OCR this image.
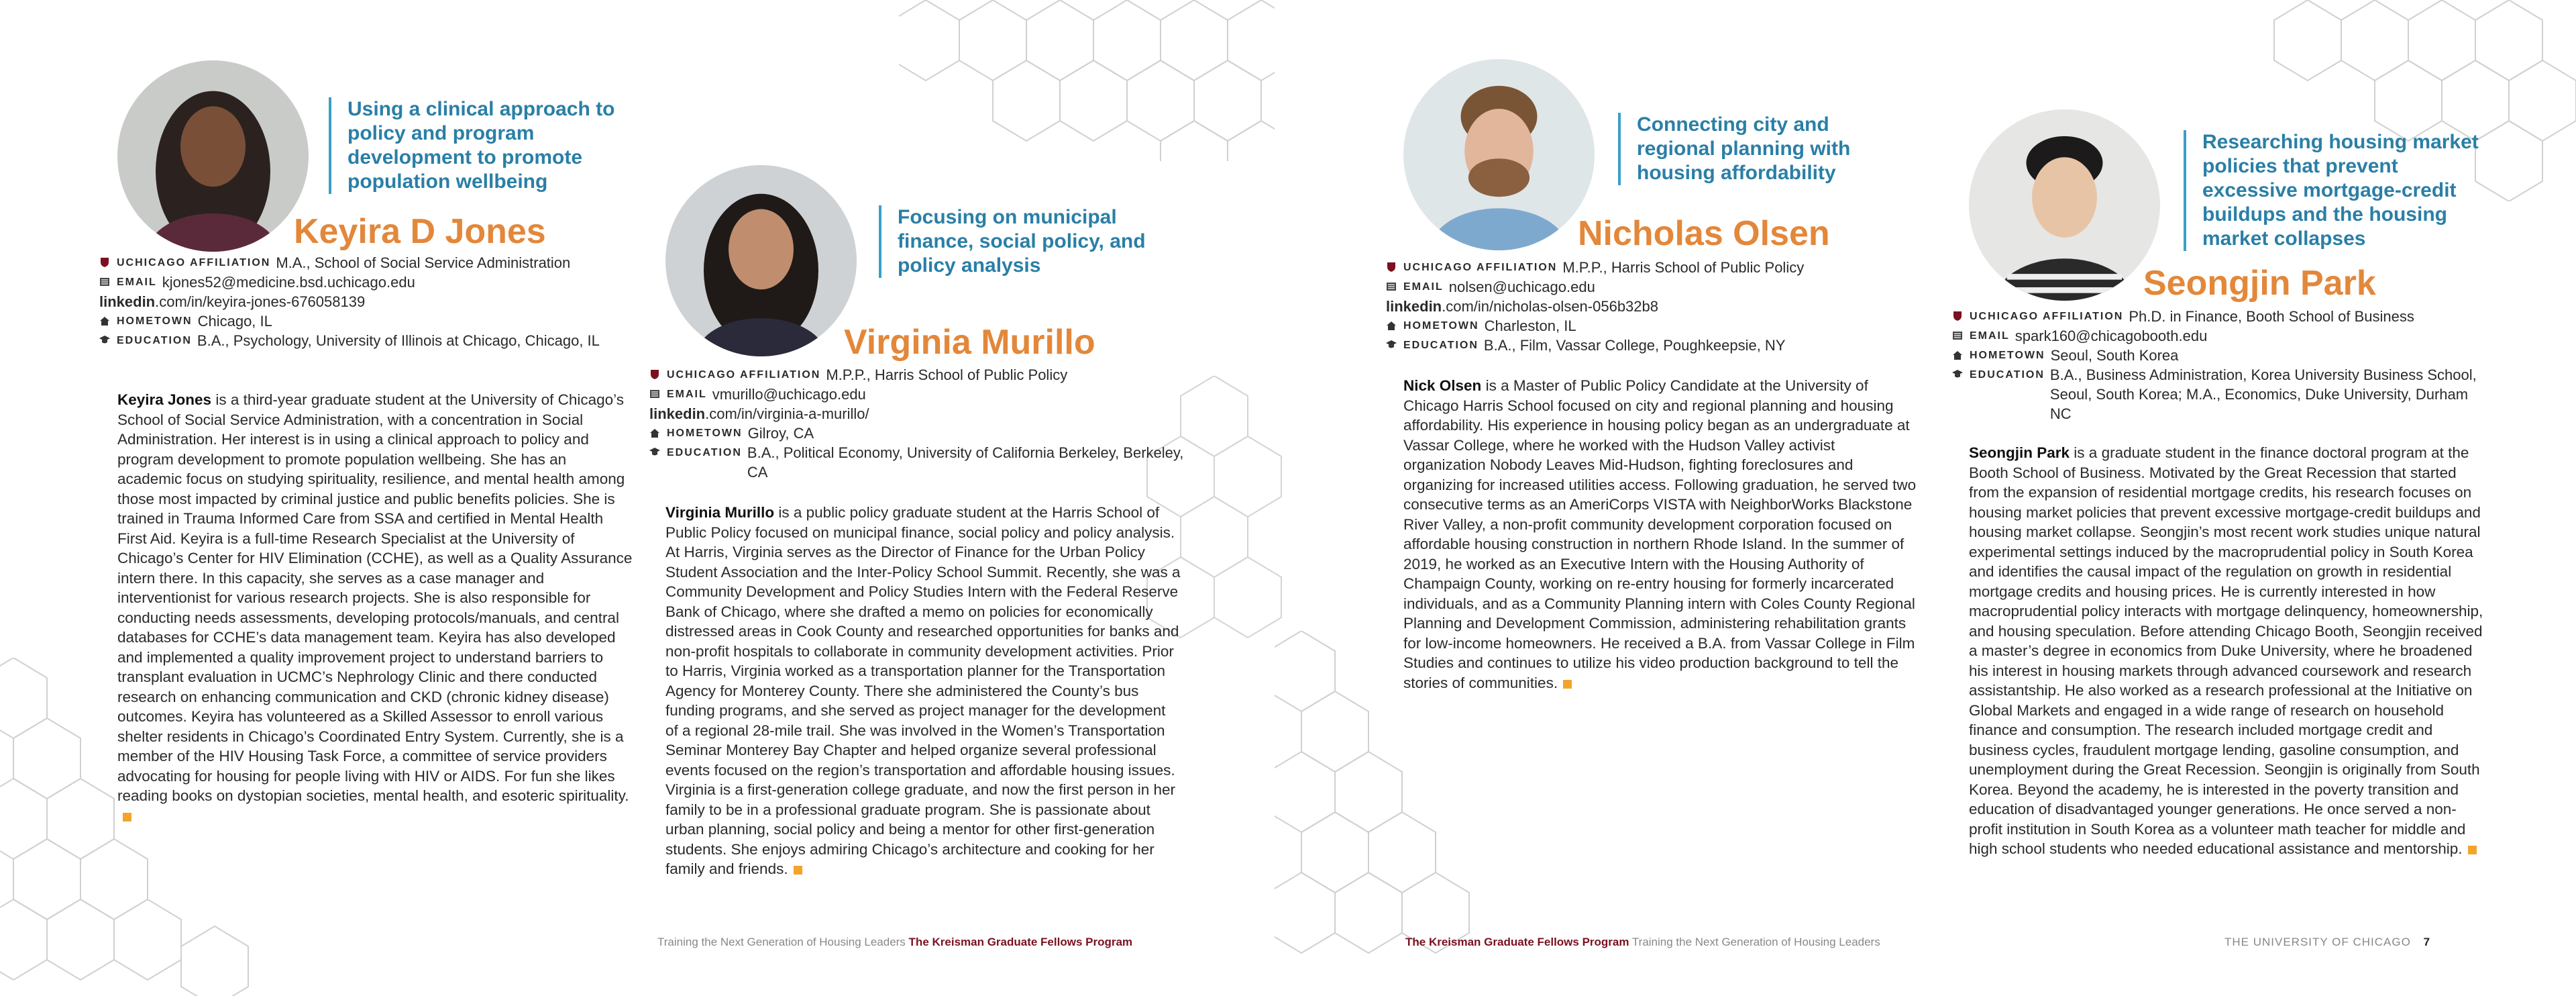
Using a clinical approach to policy and program development to promote population wellbeing
Keyira D Jones
UCHICAGO AFFILIATION M.A., School of Social Service Administration
EMAIL kjones52@medicine.bsd.uchicago.edu
linkedin .com/in/keyira-jones-676058139
HOMETOWN Chicago, IL
EDUCATION B.A., Psychology, University of Illinois at Chicago, Chicago, IL
Keyira Jones is a third-year graduate student at the University of Chicago’s School of Social Service Administration, with a concentration in Social Administration. Her interest is in using a clinical approach to policy and program development to promote population wellbeing. She has an academic focus on studying spirituality, resilience, and mental health among those most impacted by criminal justice and public benefits policies. She is trained in Trauma Informed Care from SSA and certified in Mental Health First Aid. Keyira is a full-time Research Specialist at the University of Chicago’s Center for HIV Elimination (CCHE), as well as a Quality Assurance intern there. In this capacity, she serves as a case manager and interventionist for various research projects. She is also responsible for conducting needs assessments, developing protocols/manuals, and central databases for CCHE’s data management team. Keyira has also developed and implemented a quality improvement project to understand barriers to transplant evaluation in UCMC’s Nephrology Clinic and there conducted research on enhancing communication and CKD (chronic kidney disease) outcomes. Keyira has volunteered as a Skilled Assessor to enroll various shelter residents in Chicago’s Coordinated Entry System. Currently, she is a member of the HIV Housing Task Force, a committee of service providers advocating for housing for people living with HIV or AIDS. For fun she likes reading books on dystopian societies, mental health, and esoteric spirituality.
Focusing on municipal finance, social policy, and policy analysis
Virginia Murillo
UCHICAGO AFFILIATION M.P.P., Harris School of Public Policy
EMAIL vmurillo@uchicago.edu
linkedin .com/in/virginia-a-murillo/
HOMETOWN Gilroy, CA
EDUCATION B.A., Political Economy, University of California Berkeley, Berkeley, CA
Virginia Murillo is a public policy graduate student at the Harris School of Public Policy focused on municipal finance, social policy and policy analysis. At Harris, Virginia serves as the Director of Finance for the Urban Policy Student Association and the Inter-Policy School Summit. Recently, she was a Community Development and Policy Studies Intern with the Federal Reserve Bank of Chicago, where she drafted a memo on policies for economically distressed areas in Cook County and researched opportunities for banks and non-profit hospitals to collaborate in community development activities. Prior to Harris, Virginia worked as a transportation planner for the Transportation Agency for Monterey County. There she administered the County’s bus funding programs, and she served as project manager for the development of a regional 28-mile trail. She was involved in the Women’s Transportation Seminar Monterey Bay Chapter and helped organize several professional events focused on the region’s transportation and affordable housing issues. Virginia is a first-generation college graduate, and now the first person in her family to be in a professional graduate program. She is passionate about urban planning, social policy and being a mentor for other first-generation students. She enjoys admiring Chicago’s architecture and cooking for her family and friends.
Training the Next Generation of Housing Leaders The Kreisman Graduate Fellows Program
Connecting city and regional planning with housing affordability
Nicholas Olsen
UCHICAGO AFFILIATION M.P.P., Harris School of Public Policy
EMAIL nolsen@uchicago.edu
linkedin .com/in/nicholas-olsen-056b32b8
HOMETOWN Charleston, IL
EDUCATION B.A., Film, Vassar College, Poughkeepsie, NY
Nick Olsen is a Master of Public Policy Candidate at the University of Chicago Harris School focused on city and regional planning and housing affordability. His experience in housing policy began as an undergraduate at Vassar College, where he worked with the Hudson Valley activist organization Nobody Leaves Mid-Hudson, fighting foreclosures and organizing for increased utilities access. Following graduation, he served two consecutive terms as an AmeriCorps VISTA with NeighborWorks Blackstone River Valley, a non-profit community development corporation focused on affordable housing construction in northern Rhode Island. In the summer of 2019, he worked as an Executive Intern with the Housing Authority of Champaign County, working on re-entry housing for formerly incarcerated individuals, and as a Community Planning intern with Coles County Regional Planning and Development Commission, administering rehabilitation grants for low-income homeowners. He received a B.A. from Vassar College in Film Studies and continues to utilize his video production background to tell the stories of communities.
Researching housing market policies that prevent excessive mortgage-credit buildups and the housing market collapses
Seongjin Park
UCHICAGO AFFILIATION Ph.D. in Finance, Booth School of Business
EMAIL spark160@chicagobooth.edu
HOMETOWN Seoul, South Korea
EDUCATION B.A., Business Administration, Korea University Business School, Seoul, South Korea; M.A., Economics, Duke University, Durham NC
Seongjin Park is a graduate student in the finance doctoral program at the Booth School of Business. Motivated by the Great Recession that started from the expansion of residential mortgage credits, his research focuses on housing market policies that prevent excessive mortgage-credit buildups and housing market collapse. Seongjin’s most recent work studies unique natural experimental settings induced by the macroprudential policy in South Korea and identifies the causal impact of the regulation on growth in residential mortgage credits and housing prices. He is currently interested in how macroprudential policy interacts with mortgage delinquency, homeownership, and housing speculation. Before attending Chicago Booth, Seongjin received a master’s degree in economics from Duke University, where he broadened his interest in housing markets through advanced coursework and research assistantship. He also worked as a research professional at the Initiative on Global Markets and engaged in a wide range of research on household finance and consumption. The research included mortgage credit and business cycles, fraudulent mortgage lending, gasoline consumption, and unemployment during the Great Recession. Seongjin is originally from South Korea. Beyond the academy, he is interested in the poverty transition and education of disadvantaged younger generations. He once served a non-profit institution in South Korea as a volunteer math teacher for middle and high school students who needed educational assistance and mentorship.
The Kreisman Graduate Fellows Program Training the Next Generation of Housing Leaders	THE UNIVERSITY OF CHICAGO 7
